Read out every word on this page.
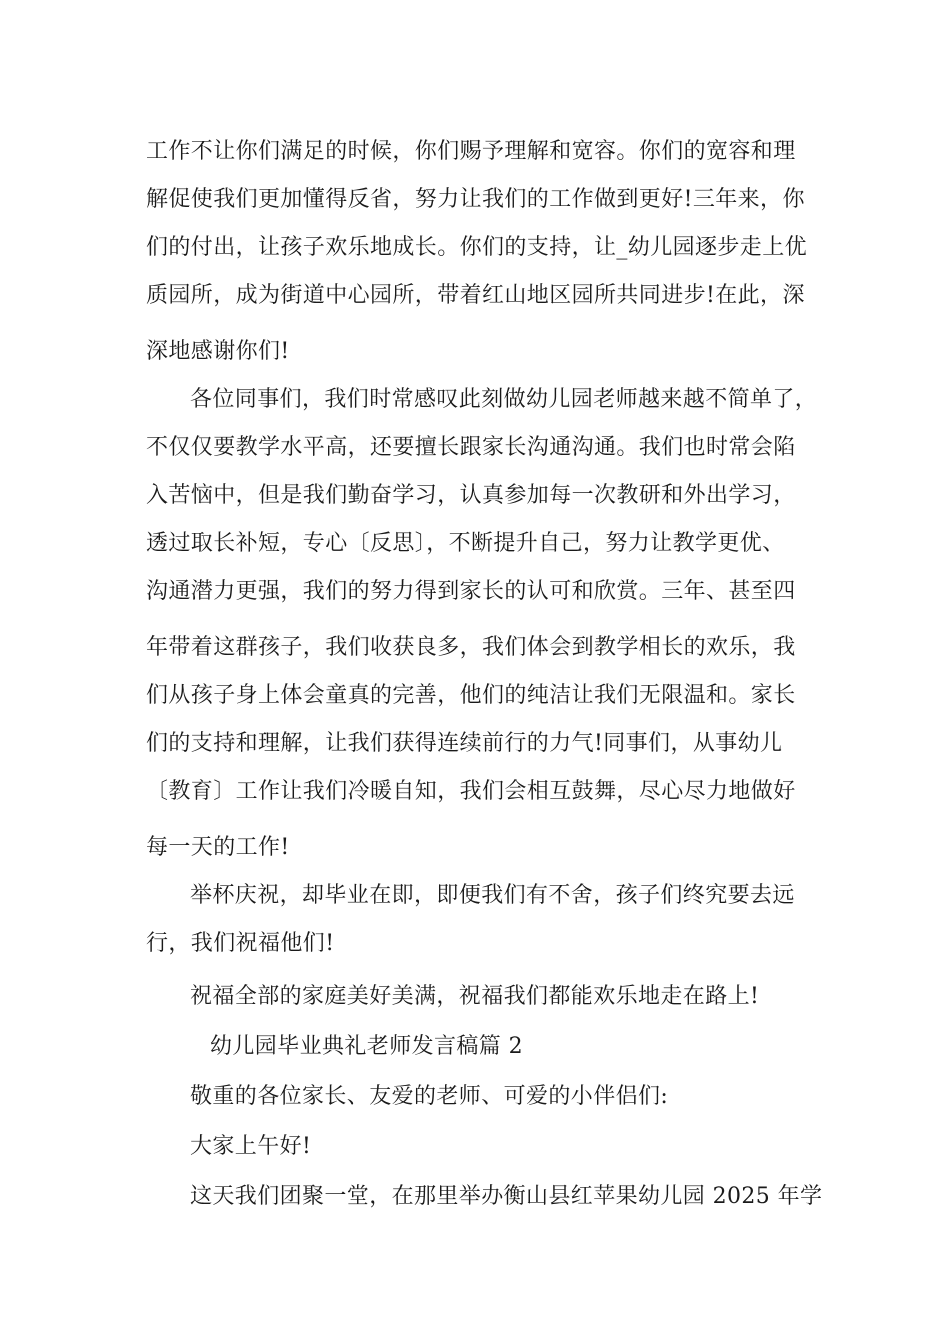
工作不让你们满足的时候，你们赐予理解和宽容。你们的宽容和理
解促使我们更加懂得反省，努力让我们的工作做到更好!三年来，你
们的付出，让孩子欢乐地成长。你们的支持，让_幼儿园逐步走上优
质园所，成为街道中心园所，带着红山地区园所共同进步!在此，深
深地感谢你们!
各位同事们，我们时常感叹此刻做幼儿园老师越来越不简单了，
不仅仅要教学水平高，还要擅长跟家长沟通沟通。我们也时常会陷
入苦恼中，但是我们勤奋学习，认真参加每一次教研和外出学习，
透过取长补短，专心〔反思〕，不断提升自己，努力让教学更优、
沟通潜力更强，我们的努力得到家长的认可和欣赏。三年、甚至四
年带着这群孩子，我们收获良多，我们体会到教学相长的欢乐，我
们从孩子身上体会童真的完善，他们的纯洁让我们无限温和。家长
们的支持和理解，让我们获得连续前行的力气!同事们，从事幼儿
〔教育〕工作让我们冷暖自知，我们会相互鼓舞，尽心尽力地做好
每一天的工作!
举杯庆祝，却毕业在即，即便我们有不舍，孩子们终究要去远
行，我们祝福他们!
祝福全部的家庭美好美满，祝福我们都能欢乐地走在路上!
幼儿园毕业典礼老师发言稿篇 2
敬重的各位家长、友爱的老师、可爱的小伴侣们:
大家上午好!
这天我们团聚一堂，在那里举办衡山县红苹果幼儿园 2025 年学
